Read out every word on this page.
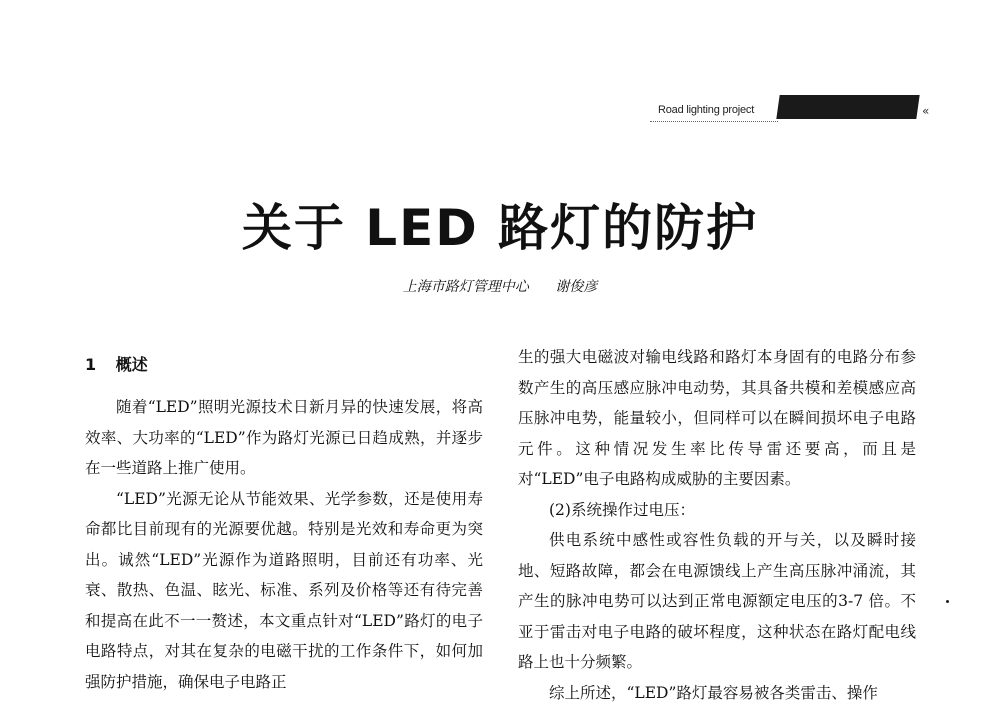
Road lighting project	«
关于 LED 路灯的防护
上海市路灯管理中心 谢俊彦
1 概述

随着“LED”照明光源技术日新月异的快速发展，将高效率、大功率的“LED”作为路灯光源已日趋成熟，并逐步在一些道路上推广使用。

“LED”光源无论从节能效果、光学参数，还是使用寿命都比目前现有的光源要优越。特别是光效和寿命更为突出。诚然“LED”光源作为道路照明，目前还有功率、光衰、散热、色温、眩光、标准、系列及价格等还有待完善和提高在此不一一赘述，本文重点针对“LED”路灯的电子电路特点，对其在复杂的电磁干扰的工作条件下，如何加强防护措施，确保电子电路正

生的强大电磁波对输电线路和路灯本身固有的电路分布参数产生的高压感应脉冲电动势，其具备共模和差模感应高压脉冲电势，能量较小，但同样可以在瞬间损坏电子电路元件。这种情况发生率比传导雷还要高，而且是对“LED”电子电路构成威胁的主要因素。

(2)系统操作过电压：

供电系统中感性或容性负载的开与关，以及瞬时接地、短路故障，都会在电源馈线上产生高压脉冲涌流，其产生的脉冲电势可以达到正常电源额定电压的3-7 倍。不亚于雷击对电子电路的破坏程度，这种状态在路灯配电线路上也十分频繁。

综上所述，“LED”路灯最容易被各类雷击、操作
